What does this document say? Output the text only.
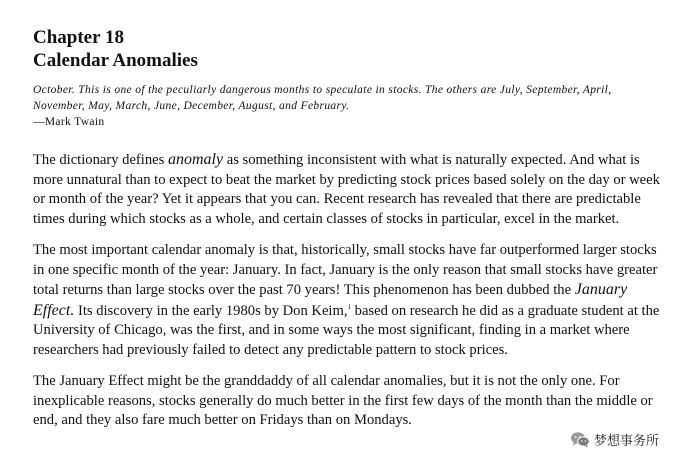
Chapter 18
Calendar Anomalies
October. This is one of the peculiarly dangerous months to speculate in stocks. The others are July, September, April, November, May, March, June, December, August, and February.
—Mark Twain

The dictionary defines anomaly as something inconsistent with what is naturally expected. And what is more unnatural than to expect to beat the market by predicting stock prices based solely on the day or week or month of the year? Yet it appears that you can. Recent research has revealed that there are predictable times during which stocks as a whole, and certain classes of stocks in particular, excel in the market.

The most important calendar anomaly is that, historically, small stocks have far outperformed larger stocks in one specific month of the year: January. In fact, January is the only reason that small stocks have greater total returns than large stocks over the past 70 years! This phenomenon has been dubbed the January Effect. Its discovery in the early 1980s by Don Keim,$^1$ based on research he did as a graduate student at the University of Chicago, was the first, and in some ways the most significant, finding in a market where researchers had previously failed to detect any predictable pattern to stock prices.

The January Effect might be the granddaddy of all calendar anomalies, but it is not the only one. For inexplicable reasons, stocks generally do much better in the first few days of the month than the middle or end, and they also fare much better on Fridays than on Mondays.

梦想事务所
